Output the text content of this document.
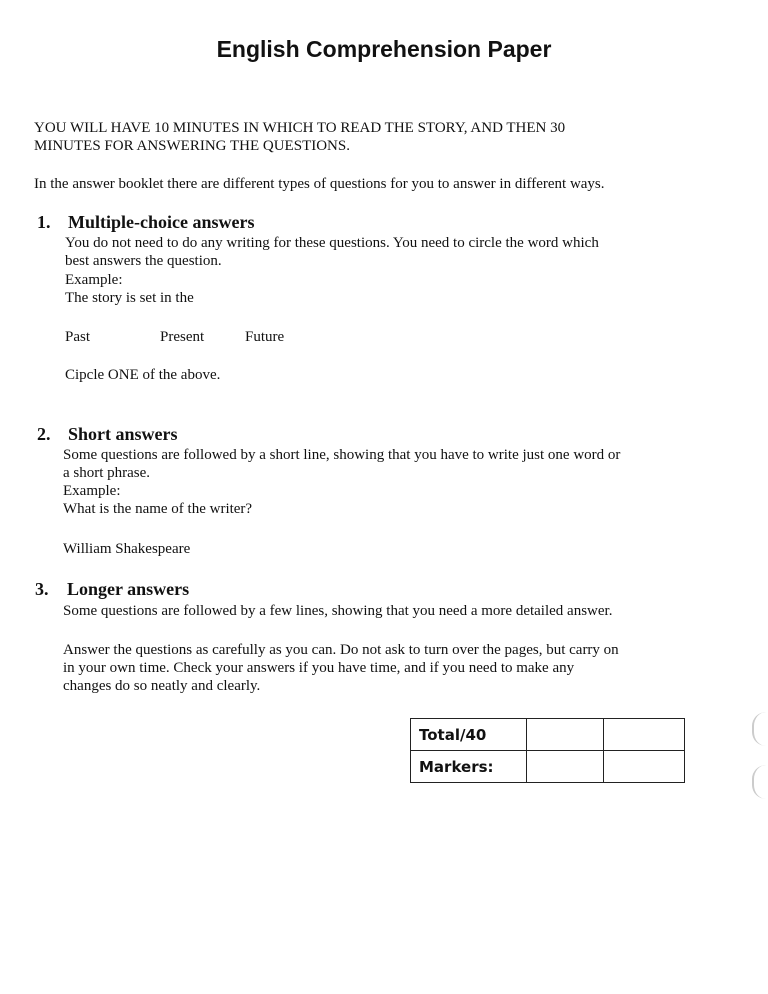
English Comprehension Paper
YOU WILL HAVE 10 MINUTES IN WHICH TO READ THE STORY, AND THEN 30
MINUTES FOR ANSWERING THE QUESTIONS.
In the answer booklet there are different types of questions for you to answer in different ways.
1. Multiple-choice answers
You do not need to do any writing for these questions. You need to circle the word which
best answers the question.
Example:
The story is set in the
Past	Present	Future
Cipcle ONE of the above.
2. Short answers
Some questions are followed by a short line, showing that you have to write just one word or
a short phrase.
Example:
What is the name of the writer?
William Shakespeare
3. Longer answers
Some questions are followed by a few lines, showing that you need a more detailed answer.
Answer the questions as carefully as you can. Do not ask to turn over the pages, but carry on
in your own time. Check your answers if you have time, and if you need to make any
changes do so neatly and clearly.
Total/40		
Markers:		
